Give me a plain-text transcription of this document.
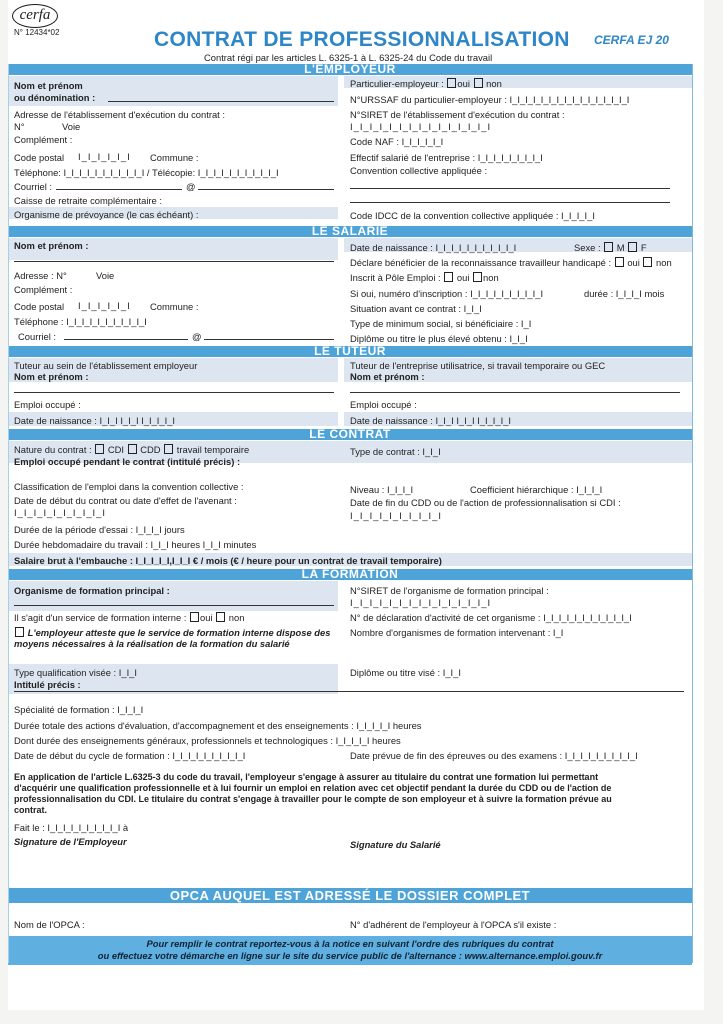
cerfa
N° 12434*02	CONTRAT DE PROFESSIONNALISATION CERFA EJ 20
Contrat régi par les articles L. 6325-1 à L. 6325-24 du Code du travail
L'EMPLOYEUR
Nom et prénom
ou dénomination :
Adresse de l'établissement d'exécution du contrat :
N°	Voie
Complément :
Code postal I_I_I_I_I_I Commune :
Téléphone: I_I_I_I_I_I_I_I_I_I_I / Télécopie: I_I_I_I_I_I_I_I_I_I_I
Courriel :	@
Caisse de retraite complémentaire :
Organisme de prévoyance (le cas échéant) :
Particulier-employeur : oui non
N°URSSAF du particulier-employeur : I_I_I_I_I_I_I_I_I_I_I_I_I_I_I_I
N°SIRET de l'établissement d'exécution du contrat :
I_I_I_I_I_I_I_I_I_I_I_I_I_I_I
Code NAF : I_I_I_I_I_I
Effectif salarié de l'entreprise : I_I_I_I_I_I_I_I_I
Convention collective appliquée :
Code IDCC de la convention collective appliquée : I_I_I_I_I
LE SALARIÉ
Nom et prénom :
Adresse : N°	Voie
Complément :
Code postal I_I_I_I_I_I Commune :
Téléphone : I_I_I_I_I_I_I_I_I_I_I
Courriel :	@
Date de naissance : I_I_I_I_I_I_I_I_I_I_I	Sexe : M F
Déclare bénéficier de la reconnaissance travailleur handicapé : oui non
Inscrit à Pôle Emploi : oui non
Si oui, numéro d'inscription : I_I_I_I_I_I_I_I_I_I	durée : I_I_I_I mois
Situation avant ce contrat : I_I_I
Type de minimum social, si bénéficiaire : I_I
Diplôme ou titre le plus élevé obtenu : I_I_I
LE TUTEUR
Tuteur au sein de l'établissement employeur
Nom et prénom :
Emploi occupé :
Date de naissance : I_I_I I_I_I I_I_I_I_I
Tuteur de l'entreprise utilisatrice, si travail temporaire ou GEC
Nom et prénom :
Emploi occupé :
Date de naissance : I_I_I I_I_I I_I_I_I_I
LE CONTRAT
Nature du contrat : CDI CDD travail temporaire	Type de contrat : I_I_I
Emploi occupé pendant le contrat (intitulé précis) :
Classification de l'emploi dans la convention collective :	Niveau : I_I_I_I	Coefficient hiérarchique : I_I_I_I
Date de début du contrat ou date d'effet de l'avenant :
I_I_I_I_I_I_I_I_I_I
Date de fin du CDD ou de l'action de professionnalisation si CDI :
I_I_I_I_I_I_I_I_I_I
Durée de la période d'essai : I_I_I_I jours
Durée hebdomadaire du travail : I_I_I heures I_I_I minutes
Salaire brut à l'embauche : I_I_I_I_I,I_I_I € / mois (€ / heure pour un contrat de travail temporaire)
LA FORMATION
Organisme de formation principal :
Il s'agit d'un service de formation interne : oui non
L'employeur atteste que le service de formation interne dispose des
moyens nécessaires à la réalisation de la formation du salarié
N°SIRET de l'organisme de formation principal :
I_I_I_I_I_I_I_I_I_I_I_I_I_I_I
N° de déclaration d'activité de cet organisme : I_I_I_I_I_I_I_I_I_I_I_I
Nombre d'organismes de formation intervenant : I_I
Type qualification visée : I_I_I
Intitulé précis :
Diplôme ou titre visé : I_I_I
Spécialité de formation : I_I_I_I
Durée totale des actions d'évaluation, d'accompagnement et des enseignements : I_I_I_I_I heures
Dont durée des enseignements généraux, professionnels et technologiques : I_I_I_I_I heures
Date de début du cycle de formation : I_I_I_I_I_I_I_I_I_I	Date prévue de fin des épreuves ou des examens : I_I_I_I_I_I_I_I_I_I
En application de l'article L.6325-3 du code du travail, l'employeur s'engage à assurer au titulaire du contrat une formation lui permettant
d'acquérir une qualification professionnelle et à lui fournir un emploi en relation avec cet objectif pendant la durée du CDD ou de l'action de
professionnalisation du CDI. Le titulaire du contrat s'engage à travailler pour le compte de son employeur et à suivre la formation prévue au
contrat.
Fait le : I_I_I_I_I_I_I_I_I_I à
Signature de l'Employeur	Signature du Salarié
OPCA AUQUEL EST ADRESSÉ LE DOSSIER COMPLET
Nom de l'OPCA :	N° d'adhérent de l'employeur à l'OPCA s'il existe :
Pour remplir le contrat reportez-vous à la notice en suivant l'ordre des rubriques du contrat
ou effectuez votre démarche en ligne sur le site du service public de l'alternance : www.alternance.emploi.gouv.fr
